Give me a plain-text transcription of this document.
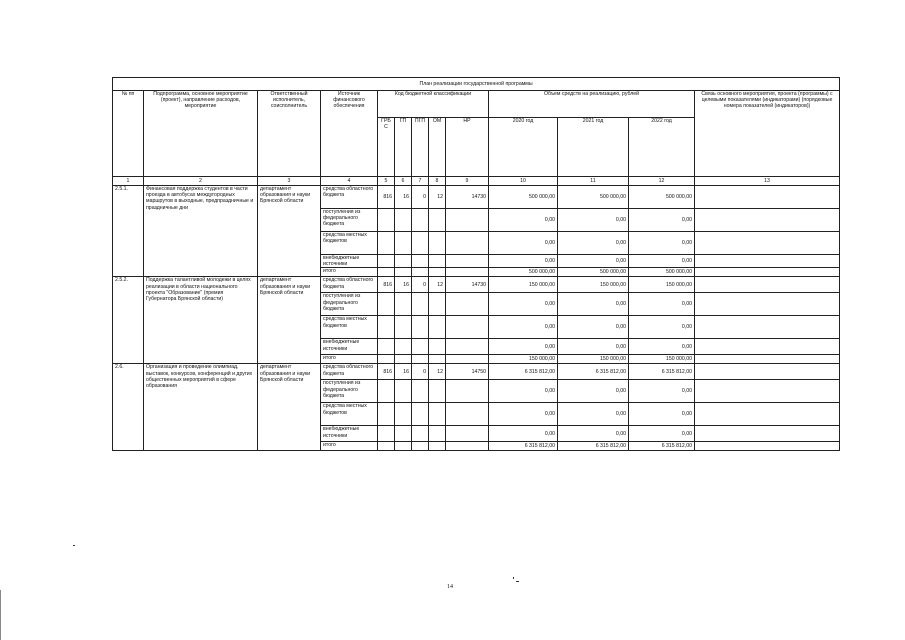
План реализации государственной программы												
№ пп	Подпрограмма, основное мероприятие (проект), направление расходов, мероприятие	Ответственный исполнитель, соисполнитель	Источник финансового обеспечения	Код бюджетной классификации					Объем средств на реализацию, рублей			Связь основного мероприятия, проекта (программы) с целевыми показателями (индикаторами) (порядковые номера показателей (индикаторов))
				ГРБС	ГП	ПГП	ОМ	НР	2020 год	2021 год	2022 год	
1	2	3	4	5	6	7	8	9	10	11	12	13
2.5.1.	Финансовая поддержка студентов в части проезда в автобусах междугородных маршрутов в выходные, предпраздничные и праздничные дни	департамент образования и науки Брянской области	средства областного бюджета	816	16	0	12	14730	500 000,00	500 000,00	500 000,00	
			поступления из федерального бюджета						0,00	0,00	0,00	
			средства местных бюджетов						0,00	0,00	0,00	
			внебюджетные источники						0,00	0,00	0,00	
			итого						500 000,00	500 000,00	500 000,00	
2.5.2.	Поддержка талантливой молодежи в целях реализации в области национального проекта "Образование" (премия Губернатора Брянской области)	департамент образования и науки Брянской области	средства областного бюджета	816	16	0	12	14730	150 000,00	150 000,00	150 000,00	
			поступления из федерального бюджета						0,00	0,00	0,00	
			средства местных бюджетов						0,00	0,00	0,00	
			внебюджетные источники						0,00	0,00	0,00	
			итого						150 000,00	150 000,00	150 000,00	
2.6.	Организация и проведение олимпиад, выставок, конкурсов, конференций и других общественных мероприятий в сфере образования	департамент образования и науки Брянской области	средства областного бюджета	816	16	0	12	14750	6 315 812,00	6 315 812,00	6 315 812,00	
			поступления из федерального бюджета						0,00	0,00	0,00	
			средства местных бюджетов						0,00	0,00	0,00	
			внебюджетные источники						0,00	0,00	0,00	
			итого						6 315 812,00	6 315 812,00	6 315 812,00	
14
